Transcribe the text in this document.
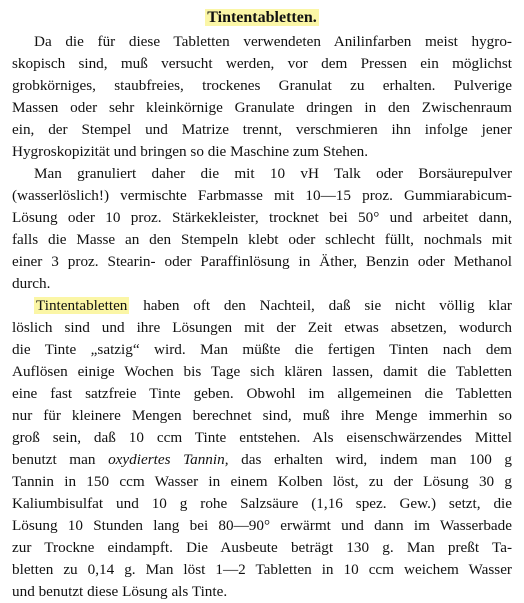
Tintentabletten.

Da die für diese Tabletten verwendeten Anilinfarben meist hygro-
skopisch sind, muß versucht werden, vor dem Pressen ein möglichst
grobkörniges, staubfreies, trockenes Granulat zu erhalten. Pulverige
Massen oder sehr kleinkörnige Granulate dringen in den Zwischenraum
ein, der Stempel und Matrize trennt, verschmieren ihn infolge jener
Hygroskopizität und bringen so die Maschine zum Stehen.

Man granuliert daher die mit 10 vH Talk oder Borsäurepulver
(wasserlöslich!) vermischte Farbmasse mit 10—15 proz. Gummiarabicum-
Lösung oder 10 proz. Stärkekleister, trocknet bei 50° und arbeitet dann,
falls die Masse an den Stempeln klebt oder schlecht füllt, nochmals mit
einer 3 proz. Stearin- oder Paraffinlösung in Äther, Benzin oder Methanol
durch.

Tintentabletten haben oft den Nachteil, daß sie nicht völlig klar
löslich sind und ihre Lösungen mit der Zeit etwas absetzen, wodurch
die Tinte „satzig“ wird. Man müßte die fertigen Tinten nach dem
Auflösen einige Wochen bis Tage sich klären lassen, damit die Tabletten
eine fast satzfreie Tinte geben. Obwohl im allgemeinen die Tabletten
nur für kleinere Mengen berechnet sind, muß ihre Menge immerhin so
groß sein, daß 10 ccm Tinte entstehen. Als eisenschwärzendes Mittel
benutzt man oxydiertes Tannin, das erhalten wird, indem man 100 g
Tannin in 150 ccm Wasser in einem Kolben löst, zu der Lösung 30 g
Kaliumbisulfat und 10 g rohe Salzsäure (1,16 spez. Gew.) setzt, die
Lösung 10 Stunden lang bei 80—90° erwärmt und dann im Wasserbade
zur Trockne eindampft. Die Ausbeute beträgt 130 g. Man preßt Ta-
bletten zu 0,14 g. Man löst 1—2 Tabletten in 10 ccm weichem Wasser
und benutzt diese Lösung als Tinte.
